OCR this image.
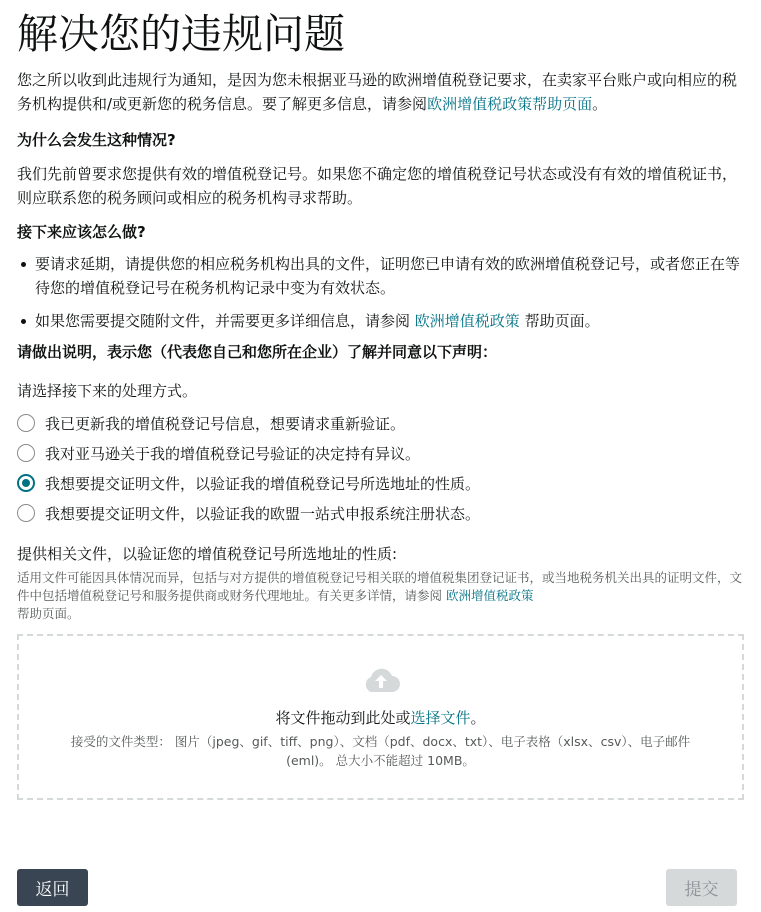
解决您的违规问题

您之所以收到此违规行为通知，是因为您未根据亚马逊的欧洲增值税登记要求，在卖家平台账户或向相应的税务机构提供和/或更新您的税务信息。要了解更多信息，请参阅欧洲增值税政策帮助页面。

为什么会发生这种情况?

我们先前曾要求您提供有效的增值税登记号。如果您不确定您的增值税登记号状态或没有有效的增值税证书，则应联系您的税务顾问或相应的税务机构寻求帮助。

接下来应该怎么做?

要请求延期，请提供您的相应税务机构出具的文件，证明您已申请有效的欧洲增值税登记号，或者您正在等待您的增值税登记号在税务机构记录中变为有效状态。
如果您需要提交随附文件，并需要更多详细信息，请参阅 欧洲增值税政策 帮助页面。

请做出说明，表示您（代表您自己和您所在企业）了解并同意以下声明：

请选择接下来的处理方式。

我已更新我的增值税登记号信息，想要请求重新验证。
我对亚马逊关于我的增值税登记号验证的决定持有异议。
我想要提交证明文件，以验证我的增值税登记号所选地址的性质。
我想要提交证明文件，以验证我的欧盟一站式申报系统注册状态。

提供相关文件，以验证您的增值税登记号所选地址的性质:

适用文件可能因具体情况而异，包括与对方提供的增值税登记号相关联的增值税集团登记证书，或当地税务机关出具的证明文件，文件中包括增值税登记号和服务提供商或财务代理地址。有关更多详情，请参阅 欧洲增值税政策
帮助页面。

将文件拖动到此处或选择文件。

接受的文件类型： 图片（jpeg、gif、tiff、png）、文档（pdf、docx、txt）、电子表格（xlsx、csv）、电子邮件 (eml)。 总大小不能超过 10MB。

返回	提交
